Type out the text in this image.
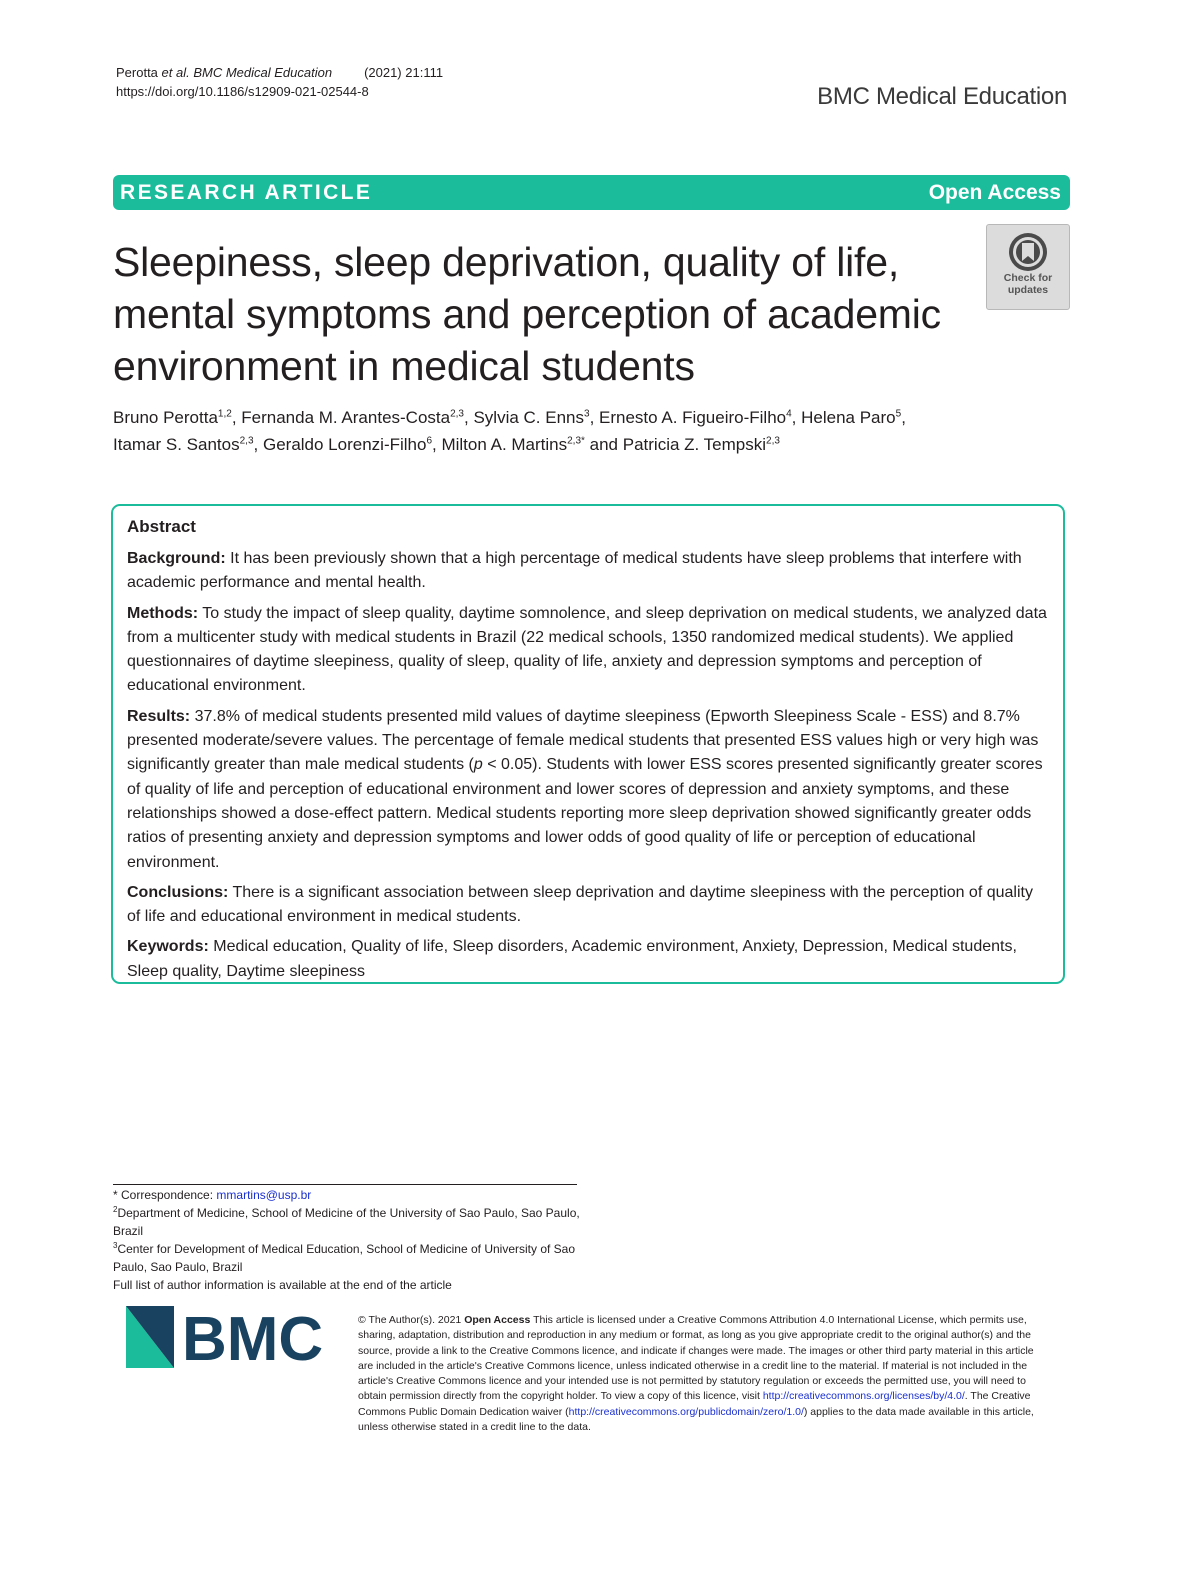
Perotta et al. BMC Medical Education (2021) 21:111
https://doi.org/10.1186/s12909-021-02544-8	BMC Medical Education
RESEARCH ARTICLE	Open Access
Sleepiness, sleep deprivation, quality of life, mental symptoms and perception of academic environment in medical students
Check for
updates
Bruno Perotta$^{1,2}$, Fernanda M. Arantes-Costa$^{2,3}$, Sylvia C. Enns$^3$, Ernesto A. Figueiro-Filho$^4$, Helena Paro$^5$,
Itamar S. Santos$^{2,3}$, Geraldo Lorenzi-Filho$^6$, Milton A. Martins$^{2,3*}$ and Patricia Z. Tempski$^{2,3}$
Abstract

Background: It has been previously shown that a high percentage of medical students have sleep problems that interfere with academic performance and mental health.

Methods: To study the impact of sleep quality, daytime somnolence, and sleep deprivation on medical students, we analyzed data from a multicenter study with medical students in Brazil (22 medical schools, 1350 randomized medical students). We applied questionnaires of daytime sleepiness, quality of sleep, quality of life, anxiety and depression symptoms and perception of educational environment.

Results: 37.8% of medical students presented mild values of daytime sleepiness (Epworth Sleepiness Scale - ESS) and 8.7% presented moderate/severe values. The percentage of female medical students that presented ESS values high or very high was significantly greater than male medical students (p < 0.05). Students with lower ESS scores presented significantly greater scores of quality of life and perception of educational environment and lower scores of depression and anxiety symptoms, and these relationships showed a dose-effect pattern. Medical students reporting more sleep deprivation showed significantly greater odds ratios of presenting anxiety and depression symptoms and lower odds of good quality of life or perception of educational environment.

Conclusions: There is a significant association between sleep deprivation and daytime sleepiness with the perception of quality of life and educational environment in medical students.

Keywords: Medical education, Quality of life, Sleep disorders, Academic environment, Anxiety, Depression, Medical students, Sleep quality, Daytime sleepiness

* Correspondence: mmartins@usp.br
$^2$Department of Medicine, School of Medicine of the University of Sao Paulo, Sao Paulo, Brazil
$^3$Center for Development of Medical Education, School of Medicine of University of Sao Paulo, Sao Paulo, Brazil
Full list of author information is available at the end of the article
BMC	© The Author(s). 2021 Open Access This article is licensed under a Creative Commons Attribution 4.0 International License, which permits use, sharing, adaptation, distribution and reproduction in any medium or format, as long as you give appropriate credit to the original author(s) and the source, provide a link to the Creative Commons licence, and indicate if changes were made. The images or other third party material in this article are included in the article's Creative Commons licence, unless indicated otherwise in a credit line to the material. If material is not included in the article's Creative Commons licence and your intended use is not permitted by statutory regulation or exceeds the permitted use, you will need to obtain permission directly from the copyright holder. To view a copy of this licence, visit http://creativecommons.org/licenses/by/4.0/. The Creative Commons Public Domain Dedication waiver (http://creativecommons.org/publicdomain/zero/1.0/) applies to the data made available in this article, unless otherwise stated in a credit line to the data.
